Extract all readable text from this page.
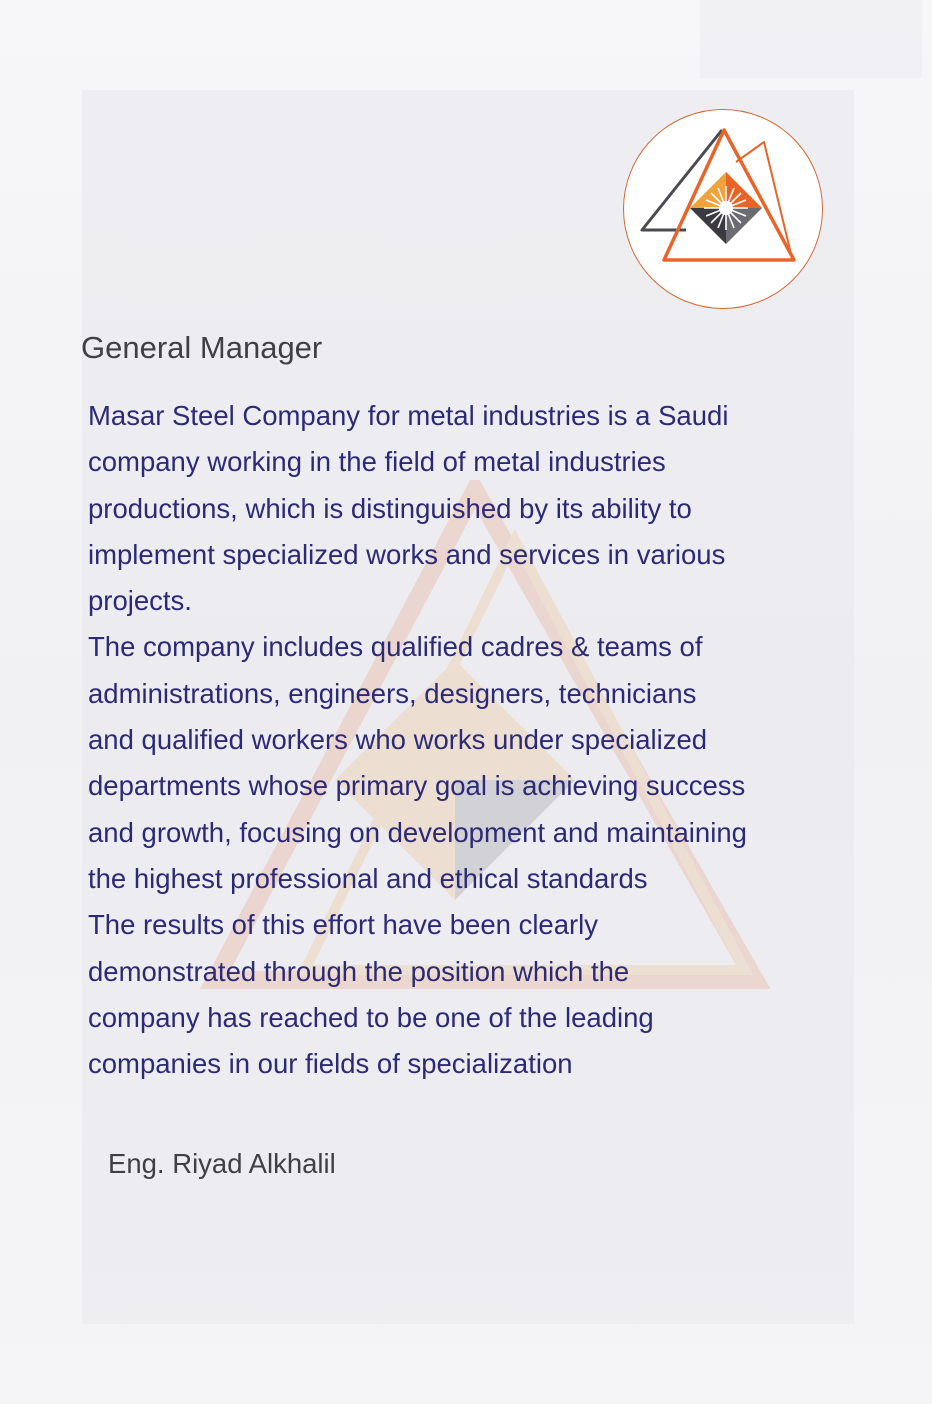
General Manager
Masar Steel Company for metal industries is a Saudi
company working in the field of metal industries
productions, which is distinguished by its ability to
implement specialized works and services in various
projects.
The company includes qualified cadres & teams of
administrations, engineers, designers, technicians
and qualified workers who works under specialized
departments whose primary goal is achieving success
and growth, focusing on development and maintaining
the highest professional and ethical standards
The results of this effort have been clearly
demonstrated through the position which the
company has reached to be one of the leading
companies in our fields of specialization
Eng. Riyad Alkhalil
